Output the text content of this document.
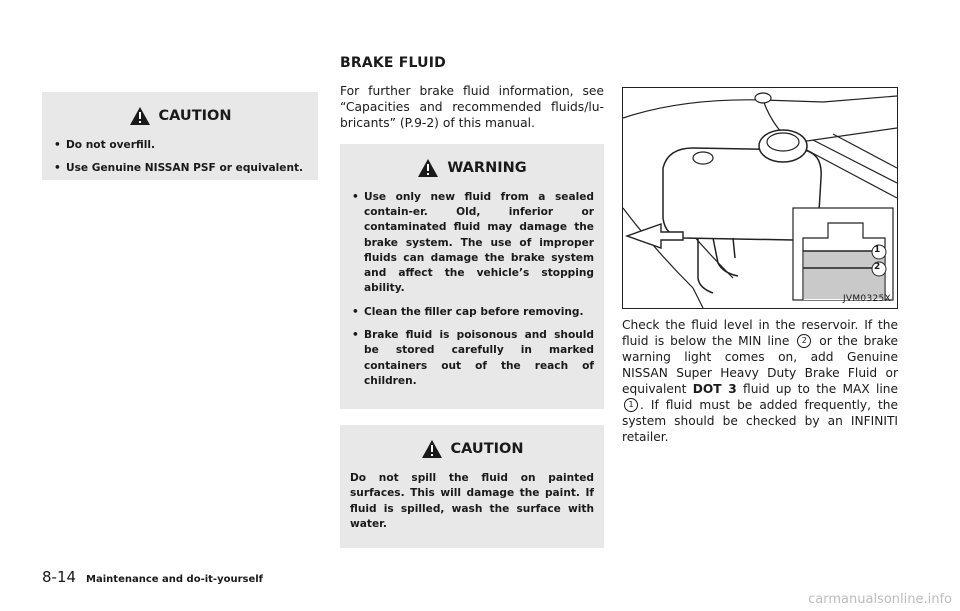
CAUTION
• Do not overfill.
• Use Genuine NISSAN PSF or equivalent.
BRAKE FLUID

For further brake fluid information, see “Capacities and recommended fluids/lu-bricants” (P.9-2) of this manual.

WARNING
• Use only new fluid from a sealed contain-er. Old, inferior or contaminated fluid may damage the brake system. The use of improper fluids can damage the brake system and affect the vehicle’s stopping ability.
• Clean the filler cap before removing.
• Brake fluid is poisonous and should be stored carefully in marked containers out of the reach of children.
CAUTION

Do not spill the fluid on painted surfaces. This will damage the paint. If fluid is spilled, wash the surface with water.

1
2
JVM0325X

Check the fluid level in the reservoir. If the fluid is below the MIN line 2 or the brake warning light comes on, add Genuine NISSAN Super Heavy Duty Brake Fluid or equivalent DOT 3 fluid up to the MAX line 1 . If fluid must be added frequently, the system should be checked by an INFINITI retailer.

8-14 Maintenance and do-it-yourself
carmanualsonline.info
